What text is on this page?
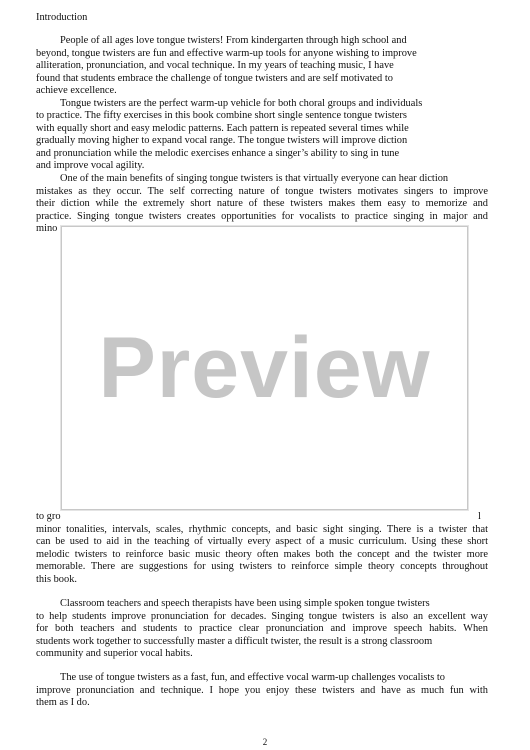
Introduction
People of all ages love tongue twisters! From kindergarten through high school and
beyond, tongue twisters are fun and effective warm-up tools for anyone wishing to improve
alliteration, pronunciation, and vocal technique. In my years of teaching music, I have
found that students embrace the challenge of tongue twisters and are self motivated to
achieve excellence.
Tongue twisters are the perfect warm-up vehicle for both choral groups and individuals
to practice. The fifty exercises in this book combine short single sentence tongue twisters
with equally short and easy melodic patterns. Each pattern is repeated several times while
gradually moving higher to expand vocal range. The tongue twisters will improve diction
and pronunciation while the melodic exercises enhance a singer’s ability to sing in tune
and improve vocal agility.
One of the main benefits of singing tongue twisters is that virtually everyone can hear diction
mistakes as they occur. The self correcting nature of tongue twisters motivates singers to improve
their diction while the extremely short nature of these twisters makes them easy to memorize and
practice. Singing tongue twisters creates opportunities for vocalists to practice singing in major and
mino
to gro	l
minor tonalities, intervals, scales, rhythmic concepts, and basic sight singing. There is a twister that
can be used to aid in the teaching of virtually every aspect of a music curriculum. Using these short
melodic twisters to reinforce basic music theory often makes both the concept and the twister more
memorable. There are suggestions for using twisters to reinforce simple theory concepts throughout
this book.
Classroom teachers and speech therapists have been using simple spoken tongue twisters
to help students improve pronunciation for decades. Singing tongue twisters is also an excellent way
for both teachers and students to practice clear pronunciation and improve speech habits. When
students work together to successfully master a difficult twister, the result is a strong classroom
community and superior vocal habits.
The use of tongue twisters as a fast, fun, and effective vocal warm-up challenges vocalists to
improve pronunciation and technique. I hope you enjoy these twisters and have as much fun with
them as I do.
Preview
2
